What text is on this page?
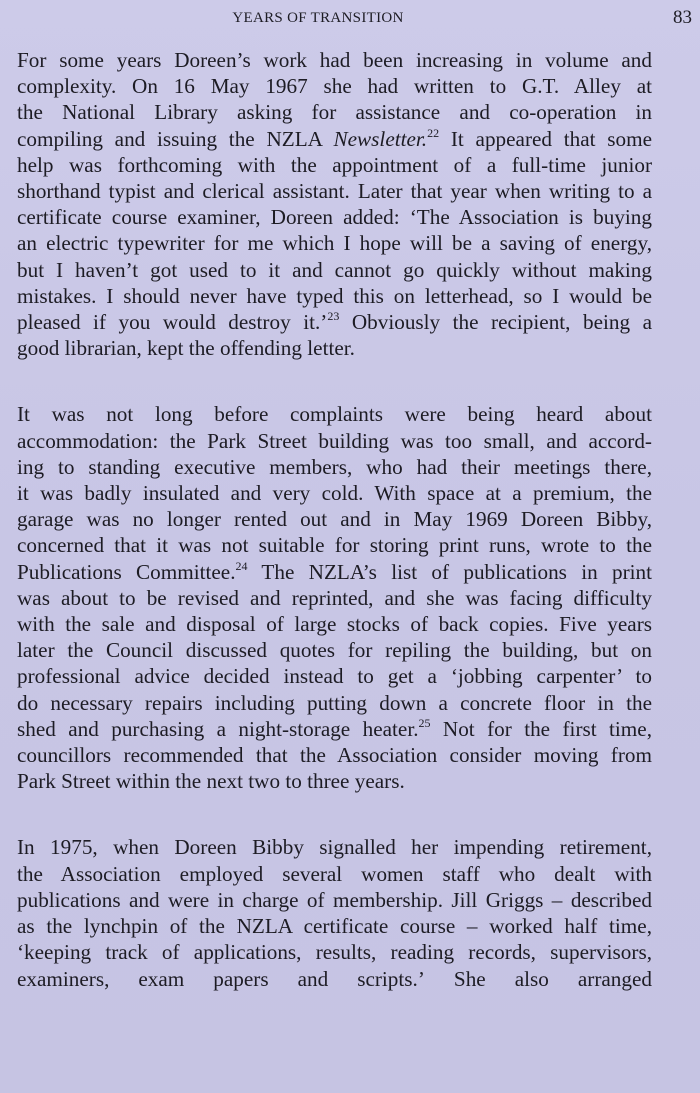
YEARS OF TRANSITION	83

For some years Doreen’s work had been increasing in volume and
complexity. On 16 May 1967 she had written to G.T. Alley at
the National Library asking for assistance and co-operation in
compiling and issuing the NZLA Newsletter.$^{22}$ It appeared that some
help was forthcoming with the appointment of a full-time junior
shorthand typist and clerical assistant. Later that year when writing to a
certificate course examiner, Doreen added: ‘The Association is buying
an electric typewriter for me which I hope will be a saving of energy,
but I haven’t got used to it and cannot go quickly without making
mistakes. I should never have typed this on letterhead, so I would be
pleased if you would destroy it.’$^{23}$ Obviously the recipient, being a
good librarian, kept the offending letter.

It was not long before complaints were being heard about
accommodation: the Park Street building was too small, and accord-
ing to standing executive members, who had their meetings there,
it was badly insulated and very cold. With space at a premium, the
garage was no longer rented out and in May 1969 Doreen Bibby,
concerned that it was not suitable for storing print runs, wrote to the
Publications Committee.$^{24}$ The NZLA’s list of publications in print
was about to be revised and reprinted, and she was facing difficulty
with the sale and disposal of large stocks of back copies. Five years
later the Council discussed quotes for repiling the building, but on
professional advice decided instead to get a ‘jobbing carpenter’ to
do necessary repairs including putting down a concrete floor in the
shed and purchasing a night-storage heater.$^{25}$ Not for the first time,
councillors recommended that the Association consider moving from
Park Street within the next two to three years.

In 1975, when Doreen Bibby signalled her impending retirement,
the Association employed several women staff who dealt with
publications and were in charge of membership. Jill Griggs – described
as the lynchpin of the NZLA certificate course – worked half time,
‘keeping track of applications, results, reading records, supervisors,
examiners, exam papers and scripts.’ She also arranged
